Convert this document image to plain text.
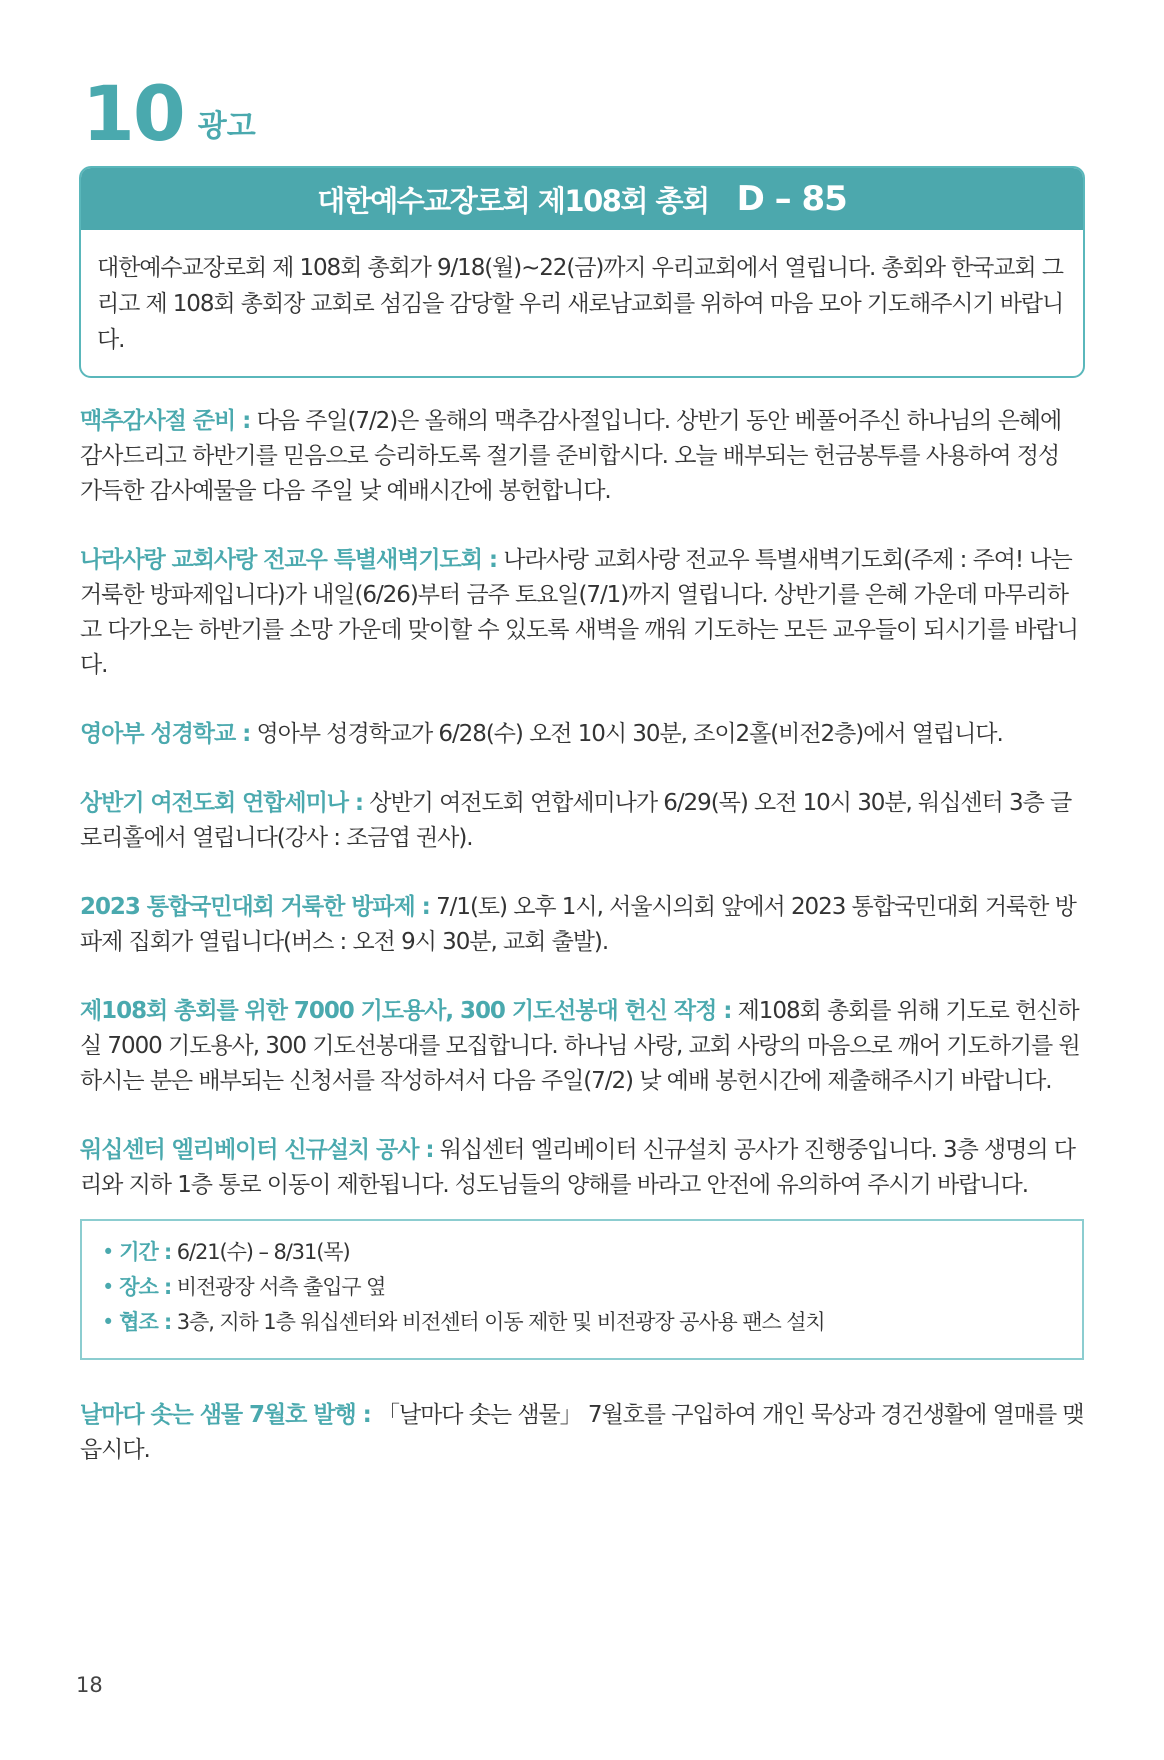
10 광고
대한예수교장로회 제108회 총회 D – 85
대한예수교장로회 제 108회 총회가 9/18(월)~22(금)까지 우리교회에서 열립니다. 총회와 한국교회 그리고 제 108회 총회장 교회로 섬김을 감당할 우리 새로남교회를 위하여 마음 모아 기도해주시기 바랍니다.

맥추감사절 준비 : 다음 주일(7/2)은 올해의 맥추감사절입니다. 상반기 동안 베풀어주신 하나님의 은혜에 감사드리고 하반기를 믿음으로 승리하도록 절기를 준비합시다. 오늘 배부되는 헌금봉투를 사용하여 정성 가득한 감사예물을 다음 주일 낮 예배시간에 봉헌합니다.

나라사랑 교회사랑 전교우 특별새벽기도회 : 나라사랑 교회사랑 전교우 특별새벽기도회(주제 : 주여! 나는 거룩한 방파제입니다)가 내일(6/26)부터 금주 토요일(7/1)까지 열립니다. 상반기를 은혜 가운데 마무리하고 다가오는 하반기를 소망 가운데 맞이할 수 있도록 새벽을 깨워 기도하는 모든 교우들이 되시기를 바랍니다.

영아부 성경학교 : 영아부 성경학교가 6/28(수) 오전 10시 30분, 조이2홀(비전2층)에서 열립니다.

상반기 여전도회 연합세미나 : 상반기 여전도회 연합세미나가 6/29(목) 오전 10시 30분, 워십센터 3층 글로리홀에서 열립니다(강사 : 조금엽 권사).

2023 통합국민대회 거룩한 방파제 : 7/1(토) 오후 1시, 서울시의회 앞에서 2023 통합국민대회 거룩한 방파제 집회가 열립니다(버스 : 오전 9시 30분, 교회 출발).

제108회 총회를 위한 7000 기도용사, 300 기도선봉대 헌신 작정 : 제108회 총회를 위해 기도로 헌신하실 7000 기도용사, 300 기도선봉대를 모집합니다. 하나님 사랑, 교회 사랑의 마음으로 깨어 기도하기를 원하시는 분은 배부되는 신청서를 작성하셔서 다음 주일(7/2) 낮 예배 봉헌시간에 제출해주시기 바랍니다.

워십센터 엘리베이터 신규설치 공사 : 워십센터 엘리베이터 신규설치 공사가 진행중입니다. 3층 생명의 다리와 지하 1층 통로 이동이 제한됩니다. 성도님들의 양해를 바라고 안전에 유의하여 주시기 바랍니다.

• 기간 : 6/21(수) – 8/31(목)
• 장소 : 비전광장 서측 출입구 옆
• 협조 : 3층, 지하 1층 워십센터와 비전센터 이동 제한 및 비전광장 공사용 팬스 설치

날마다 솟는 샘물 7월호 발행 : 「날마다 솟는 샘물」 7월호를 구입하여 개인 묵상과 경건생활에 열매를 맺읍시다.

18
